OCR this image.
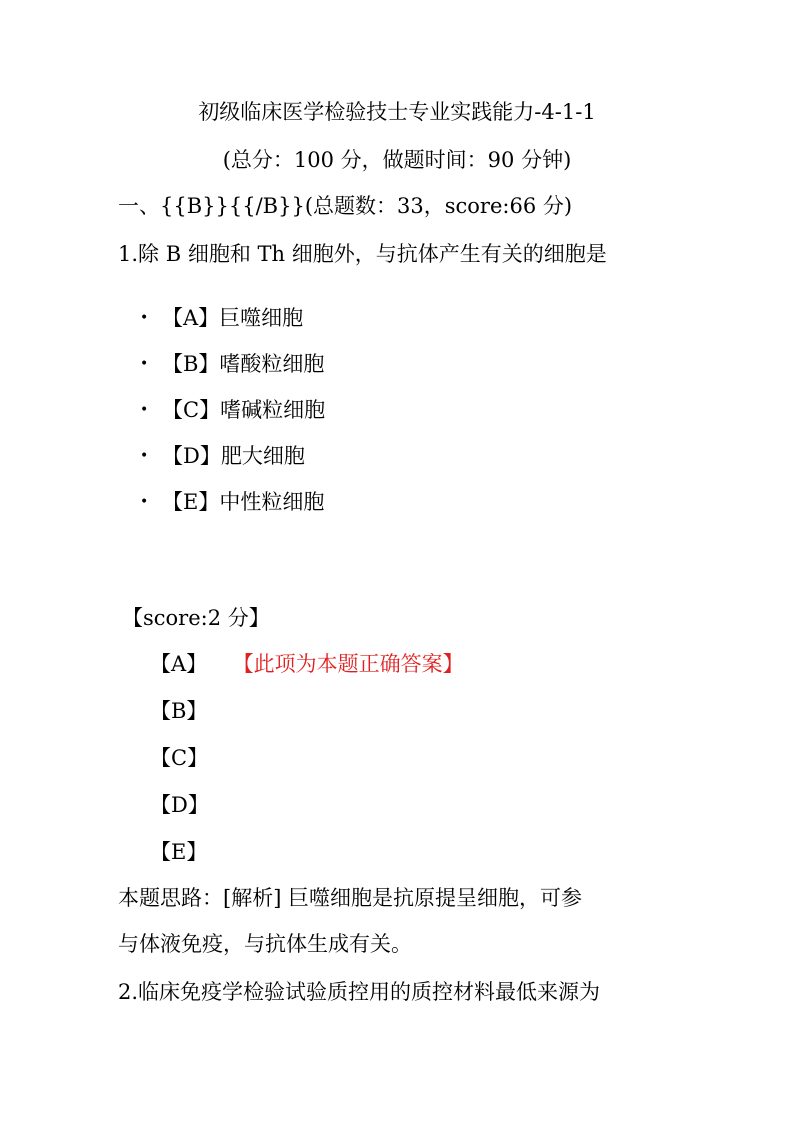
初级临床医学检验技士专业实践能力-4-1-1
(总分：100 分，做题时间：90 分钟)
一、{{B}}{{/B}}(总题数：33，score:66 分)
1.除 B 细胞和 Th 细胞外，与抗体产生有关的细胞是
• 【A】巨噬细胞
• 【B】嗜酸粒细胞
• 【C】嗜碱粒细胞
• 【D】肥大细胞
• 【E】中性粒细胞
【score:2 分】
【A】 【此项为本题正确答案】
【B】
【C】
【D】
【E】
本题思路：[解析] 巨噬细胞是抗原提呈细胞，可参
与体液免疫，与抗体生成有关。
2.临床免疫学检验试验质控用的质控材料最低来源为
